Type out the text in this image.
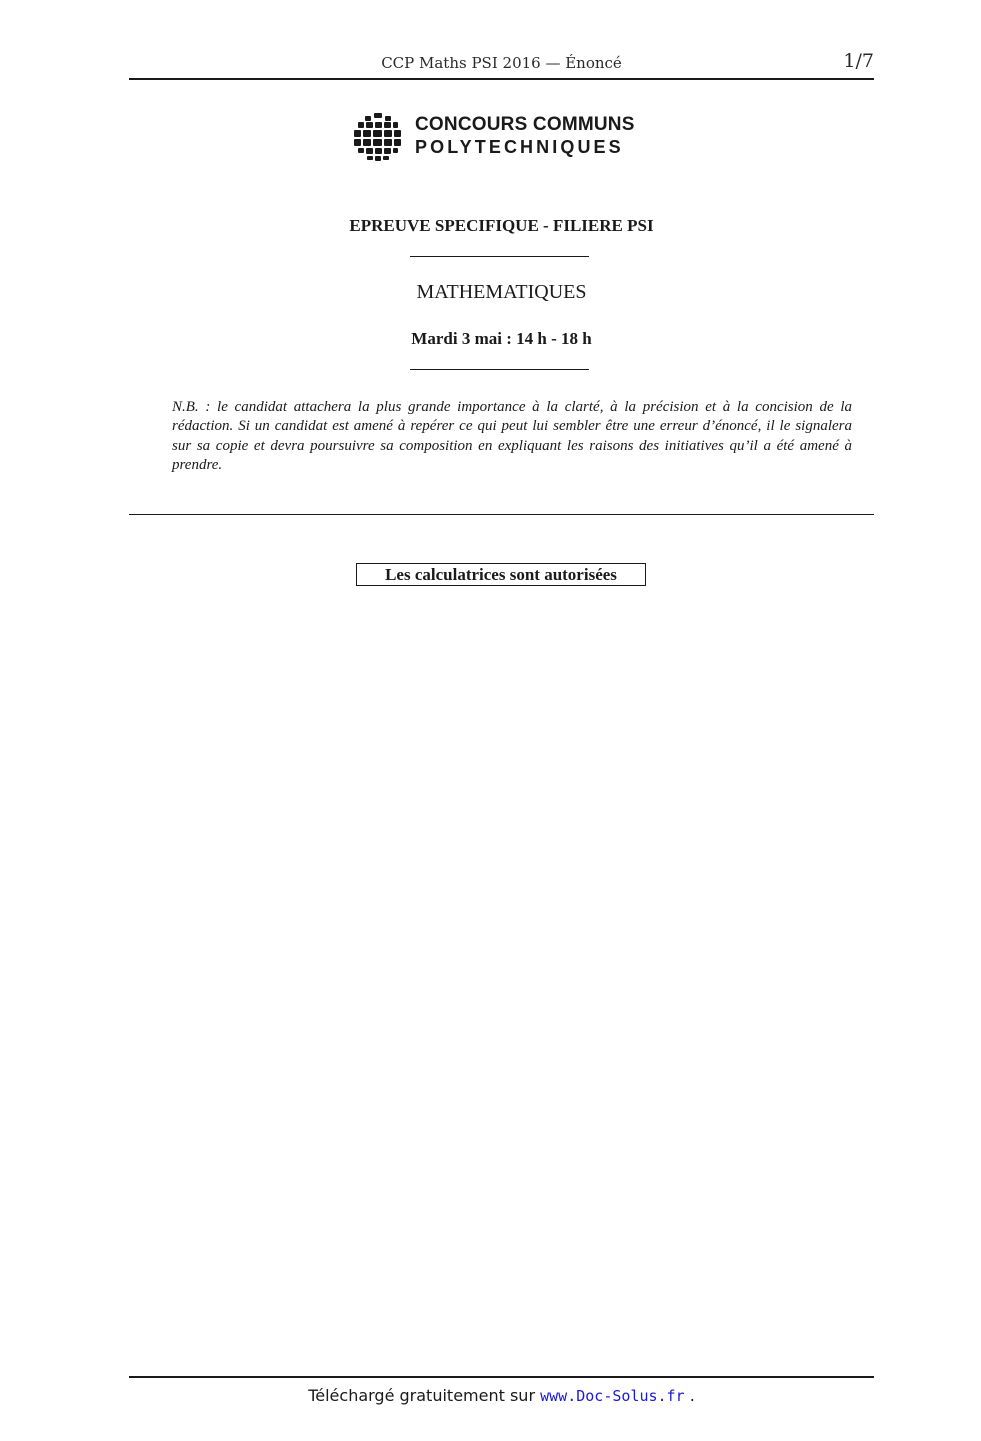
CCP Maths PSI 2016 — Énoncé	1/7
CONCOURS COMMUNS
POLYTECHNIQUES
EPREUVE SPECIFIQUE - FILIERE PSI
MATHEMATIQUES
Mardi 3 mai : 14 h - 18 h
N.B. : le candidat attachera la plus grande importance à la clarté, à la précision et à la concision de la rédaction. Si un candidat est amené à repérer ce qui peut lui sembler être une erreur d’énoncé, il le signalera sur sa copie et devra poursuivre sa composition en expliquant les raisons des initiatives qu’il a été amené à prendre.
Les calculatrices sont autorisées
Téléchargé gratuitement sur www.Doc-Solus.fr .
